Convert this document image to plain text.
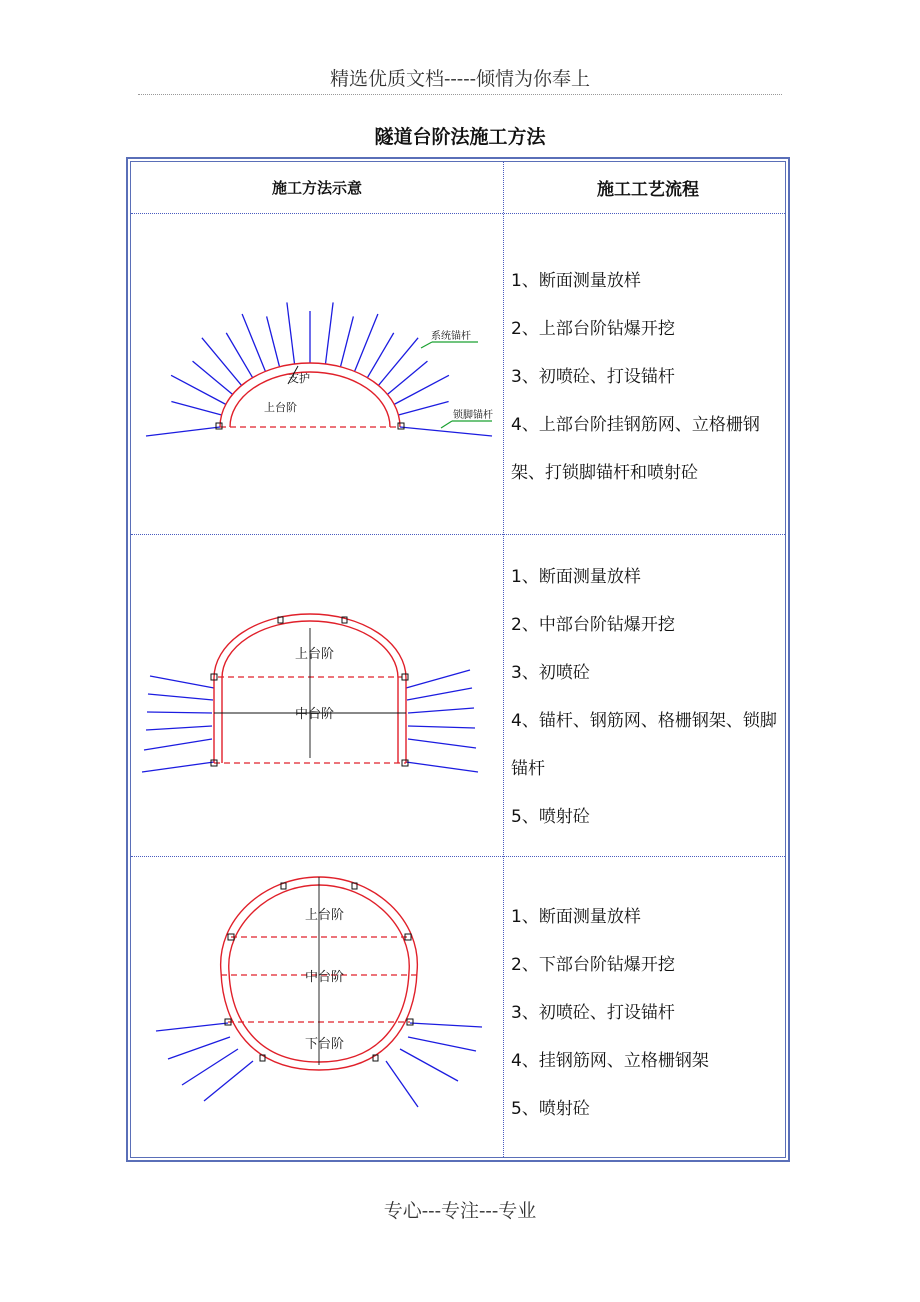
精选优质文档-----倾情为你奉上
隧道台阶法施工方法
施工方法示意	施工工艺流程
1、断面测量放样
2、上部台阶钻爆开挖
3、初喷砼、打设锚杆
4、上部台阶挂钢筋网、立格栅钢架、打锁脚锚杆和喷射砼
1、断面测量放样
2、中部台阶钻爆开挖
3、初喷砼
4、锚杆、钢筋网、格栅钢架、锁脚锚杆
5、喷射砼
1、断面测量放样
2、下部台阶钻爆开挖
3、初喷砼、打设锚杆
4、挂钢筋网、立格栅钢架
5、喷射砼
系统锚杆
支护
上台阶
锁脚锚杆
上台阶
中台阶
上台阶
中台阶
下台阶
专心---专注---专业
